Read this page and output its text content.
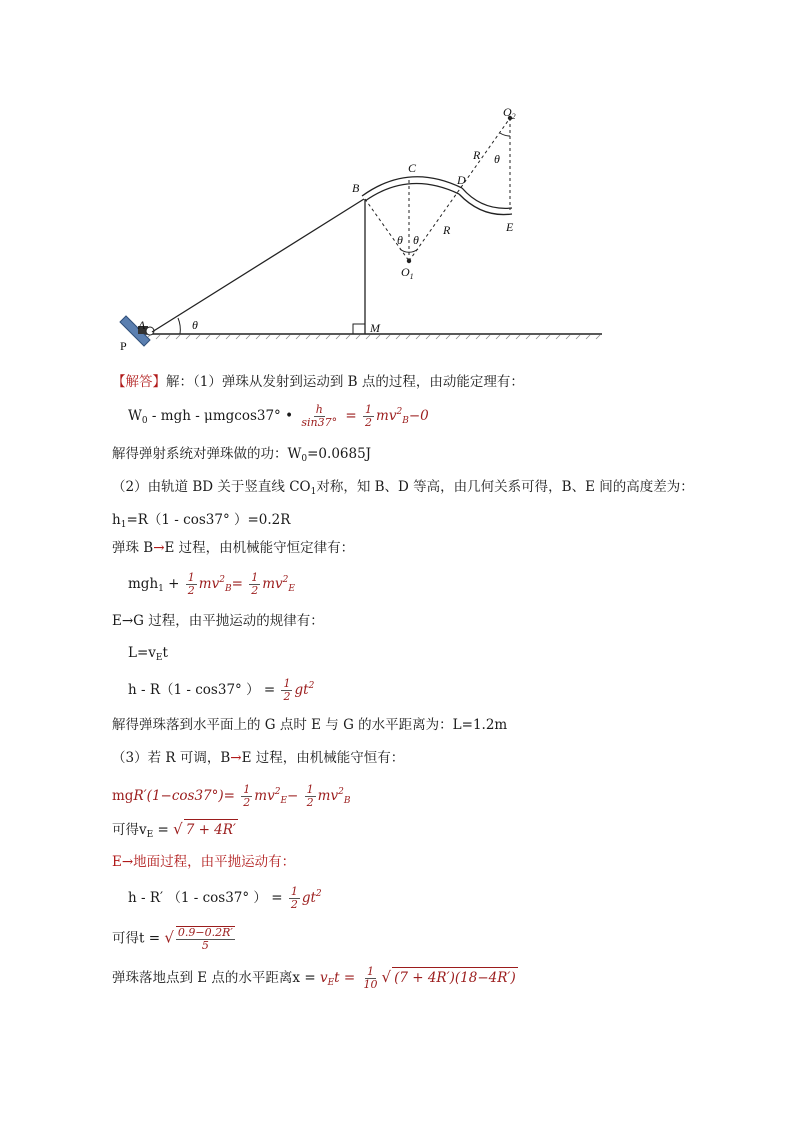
P
A	θ
B
C
D
E
R
R
θ
θ θ
$O_1$
$O_2$
M
【解答】解：（1）弹珠从发射到运动到 B 点的过程，由动能定理有：
$W_0$ - mgh - μmgcos37° • $\frac{h}{\sin 37^\circ} = \frac{1}{2} mv^2_B-0$
解得弹射系统对弹珠做的功：$W_0=0.0685J$
（2）由轨道 BD 关于竖直线 $CO_1$对称，知 B、D 等高，由几何关系可得，B、E 间的高度差为：
$h_1=R(1 - \cos 37^\circ$ ）=0.2R
弹珠 B→E 过程，由机械能守恒定律有：
$mgh_1 + \frac{1}{2} mv^2_B= \frac{1}{2} mv^2_E$
E→G 过程，由平抛运动的规律有：
$L=v_Et$
h - R（1 - cos37° ） = $\frac{1}{2} gt^2$
解得弹珠落到水平面上的 G 点时 E 与 G 的水平距离为：L=1.2m
（3）若 R 可调，B→E 过程，由机械能守恒有：
$mgR'(1-\cos 37^\circ)= \frac{1}{2} mv^2_E- \frac{1}{2} mv^2_B$
可得$v_E$ = √ 7 + 4R′
E→地面过程，由平抛运动有：
h - R′ （1 - cos37° ） = $\frac{1}{2} gt^2$
可得t = √ $\frac{0.9-0.2R'}{5}$
弹珠落地点到 E 点的水平距离$x = v_Et = \frac{1}{10}$ √ (7 + 4R′)(18−4R′)
